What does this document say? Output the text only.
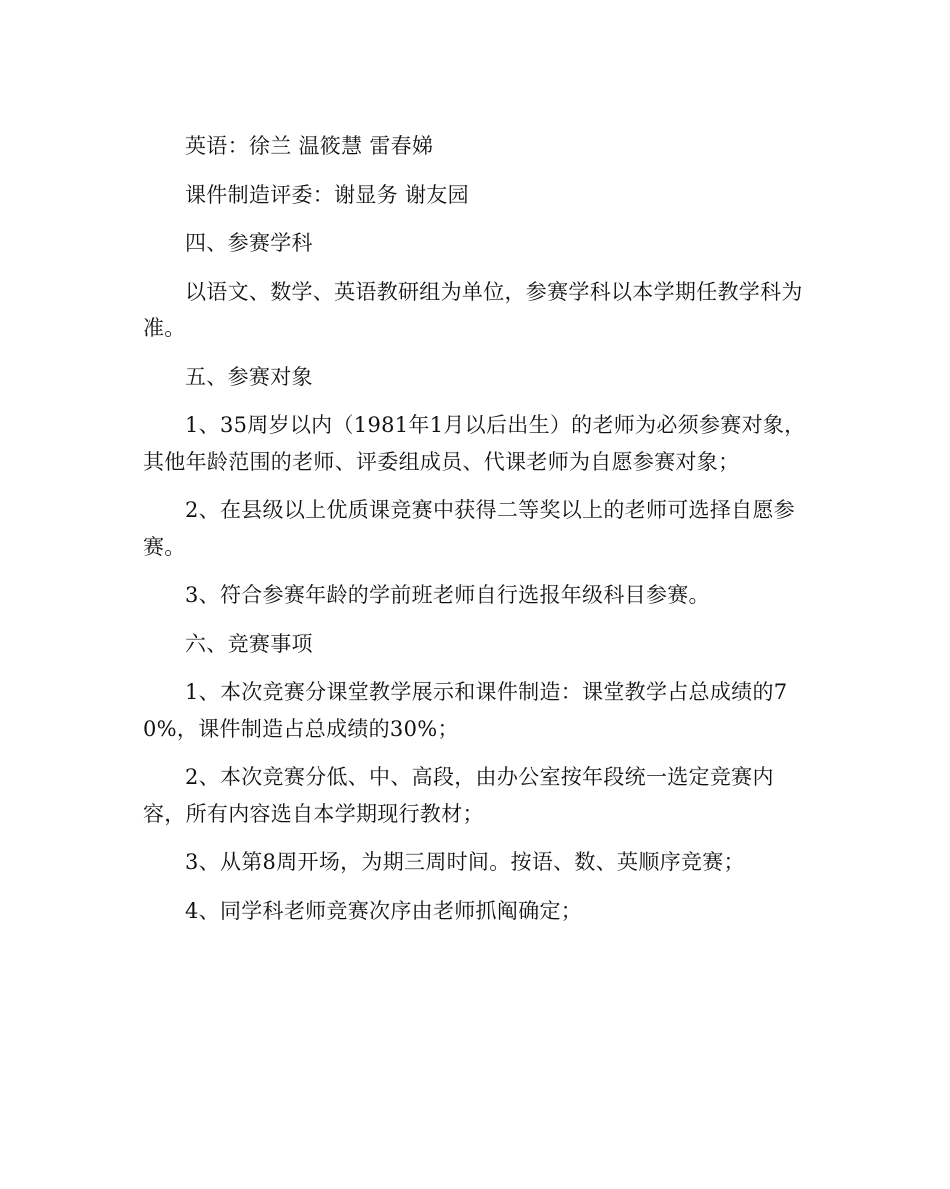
英语：徐兰 温筱慧 雷春娣

课件制造评委：谢显务 谢友园

四、参赛学科

以语文、数学、英语教研组为单位，参赛学科以本学期任教学科为准。

五、参赛对象

1、35周岁以内（1981年1月以后出生）的老师为必须参赛对象，其他年龄范围的老师、评委组成员、代课老师为自愿参赛对象；

2、在县级以上优质课竞赛中获得二等奖以上的老师可选择自愿参赛。

3、符合参赛年龄的学前班老师自行选报年级科目参赛。

六、竞赛事项

1、本次竞赛分课堂教学展示和课件制造：课堂教学占总成绩的70%，课件制造占总成绩的30%；

2、本次竞赛分低、中、高段，由办公室按年段统一选定竞赛内容，所有内容选自本学期现行教材；

3、从第8周开场，为期三周时间。按语、数、英顺序竞赛；

4、同学科老师竞赛次序由老师抓阄确定；
